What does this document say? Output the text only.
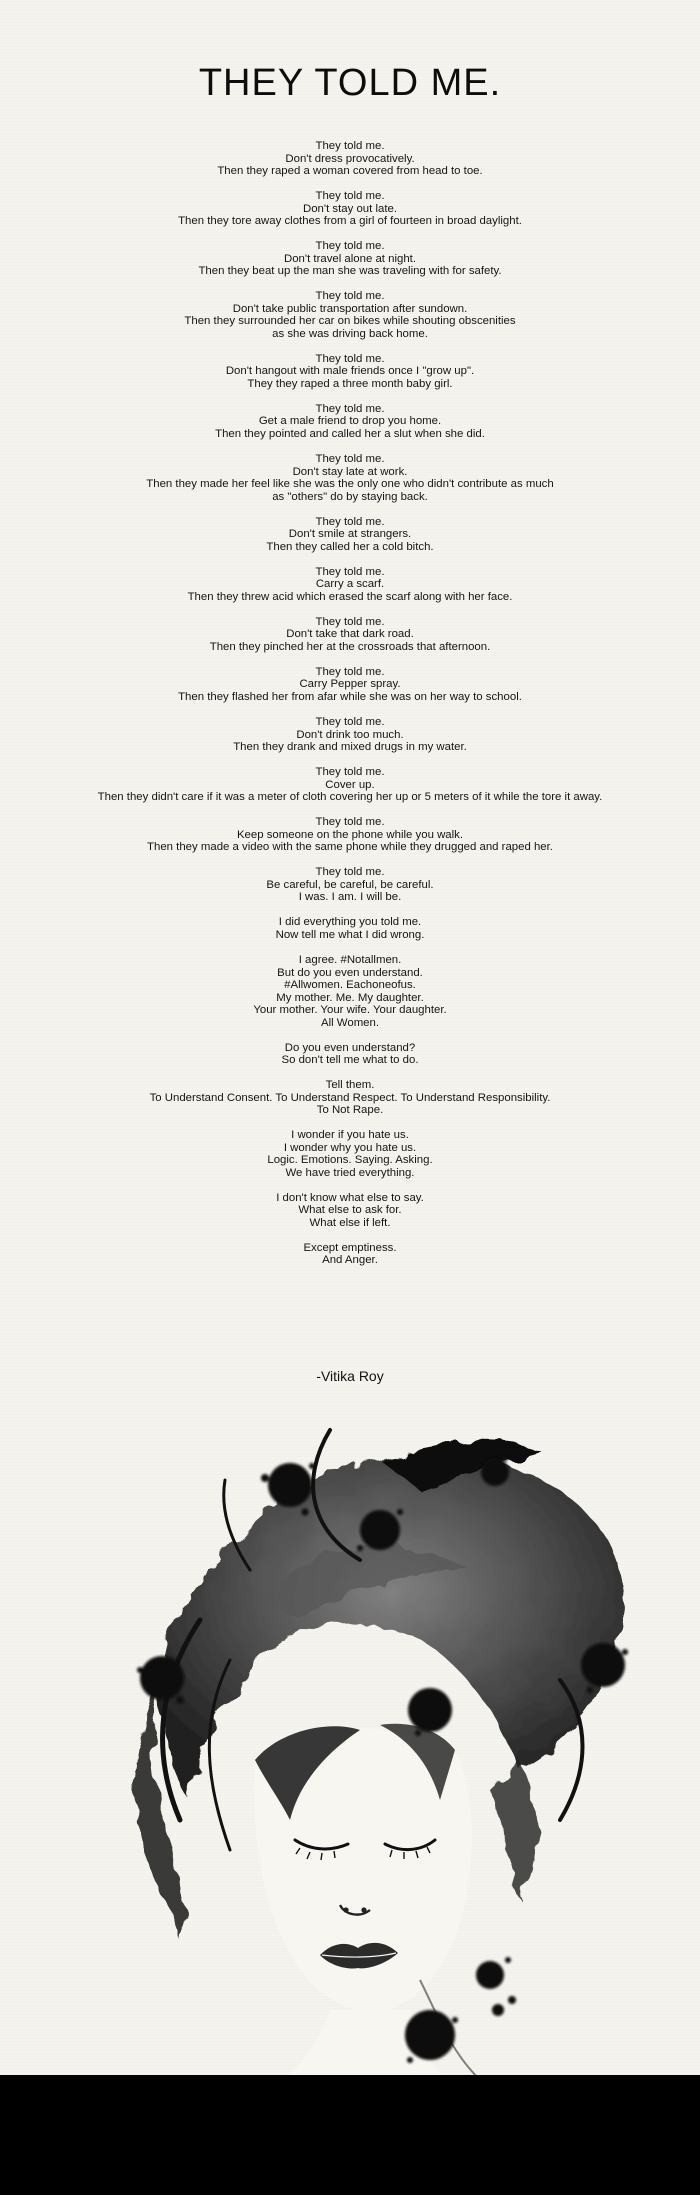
THEY TOLD ME.
They told me.
Don't dress provocatively.
Then they raped a woman covered from head to toe.
They told me.
Don't stay out late.
Then they tore away clothes from a girl of fourteen in broad daylight.
They told me.
Don't travel alone at night.
Then they beat up the man she was traveling with for safety.
They told me.
Don't take public transportation after sundown.
Then they surrounded her car on bikes while shouting obscenities
as she was driving back home.
They told me.
Don't hangout with male friends once I "grow up".
They they raped a three month baby girl.
They told me.
Get a male friend to drop you home.
Then they pointed and called her a slut when she did.
They told me.
Don't stay late at work.
Then they made her feel like she was the only one who didn't contribute as much
as "others" do by staying back.
They told me.
Don't smile at strangers.
Then they called her a cold bitch.
They told me.
Carry a scarf.
Then they threw acid which erased the scarf along with her face.
They told me.
Don't take that dark road.
Then they pinched her at the crossroads that afternoon.
They told me.
Carry Pepper spray.
Then they flashed her from afar while she was on her way to school.
They told me.
Don't drink too much.
Then they drank and mixed drugs in my water.
They told me.
Cover up.
Then they didn't care if it was a meter of cloth covering her up or 5 meters of it while the tore it away.
They told me.
Keep someone on the phone while you walk.
Then they made a video with the same phone while they drugged and raped her.
They told me.
Be careful, be careful, be careful.
I was. I am. I will be.
I did everything you told me.
Now tell me what I did wrong.
I agree. #Notallmen.
But do you even understand.
#Allwomen. Eachoneofus.
My mother. Me. My daughter.
Your mother. Your wife. Your daughter.
All Women.
Do you even understand?
So don't tell me what to do.
Tell them.
To Understand Consent. To Understand Respect. To Understand Responsibility.
To Not Rape.
I wonder if you hate us.
I wonder why you hate us.
Logic. Emotions. Saying. Asking.
We have tried everything.
I don't know what else to say.
What else to ask for.
What else if left.
Except emptiness.
And Anger.
-Vitika Roy
